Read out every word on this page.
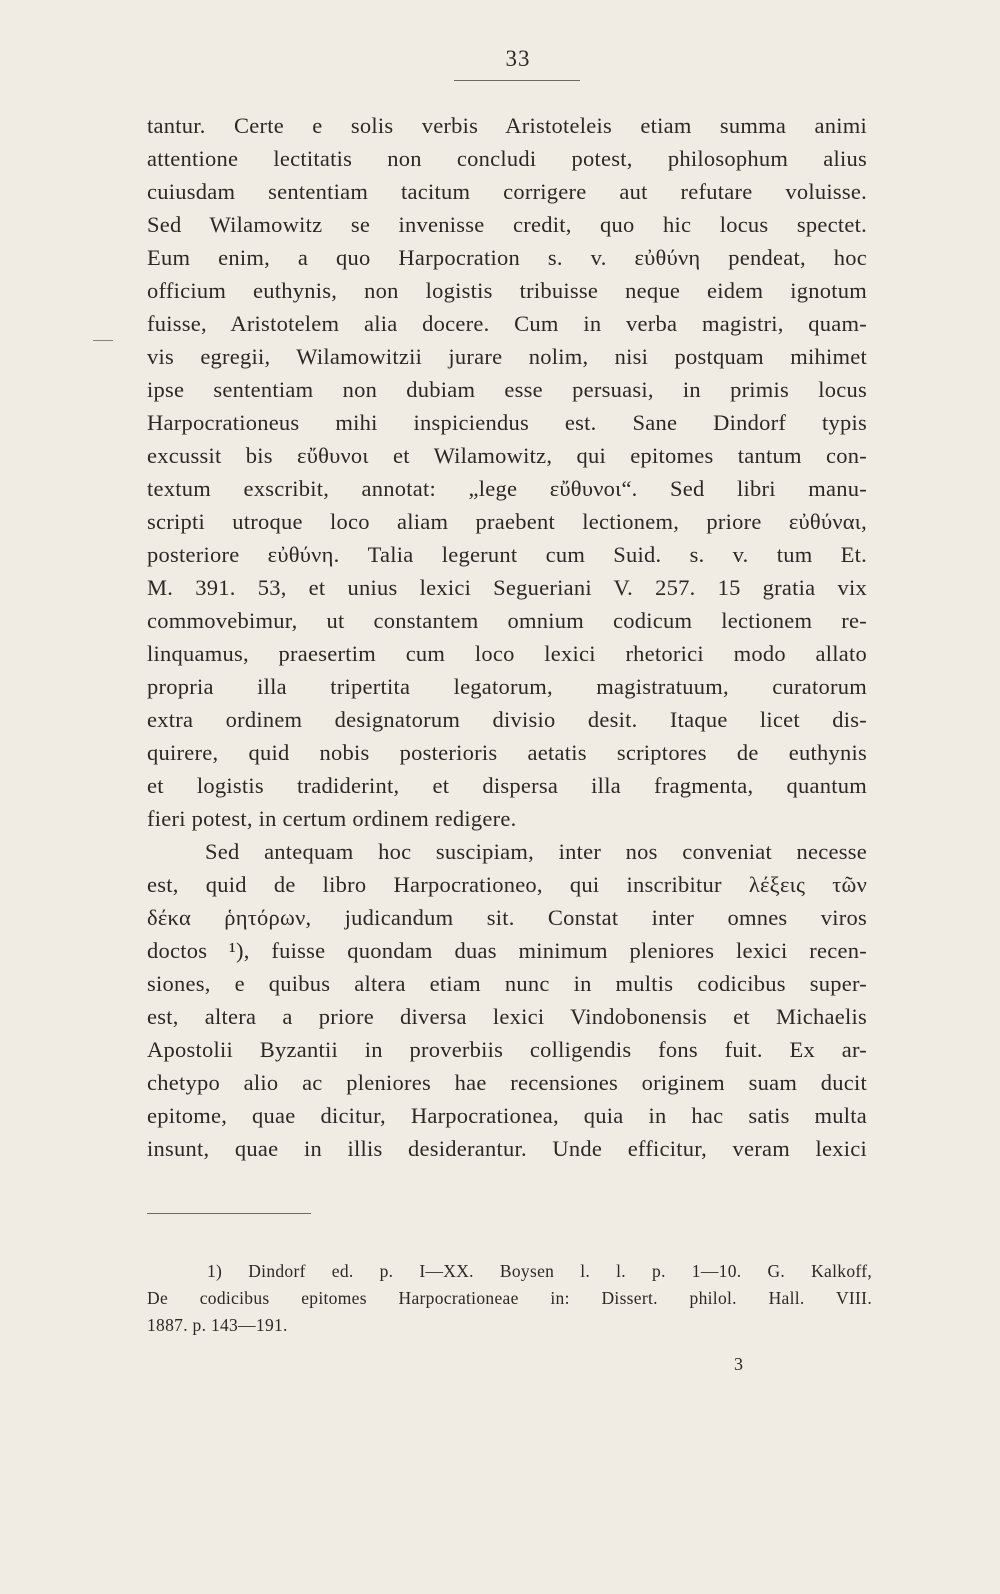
33
tantur. Certe e solis verbis Aristoteleis etiam summa animi
attentione lectitatis non concludi potest, philosophum alius
cuiusdam sententiam tacitum corrigere aut refutare voluisse.
Sed Wilamowitz se invenisse credit, quo hic locus spectet.
Eum enim, a quo Harpocration s. v. εὐθύνη pendeat, hoc
officium euthynis, non logistis tribuisse neque eidem ignotum
fuisse, Aristotelem alia docere. Cum in verba magistri, quam-
vis egregii, Wilamowitzii jurare nolim, nisi postquam mihimet
ipse sententiam non dubiam esse persuasi, in primis locus
Harpocrationeus mihi inspiciendus est. Sane Dindorf typis
excussit bis εὔθυνοι et Wilamowitz, qui epitomes tantum con-
textum exscribit, annotat: „lege εὔθυνοι“. Sed libri manu-
scripti utroque loco aliam praebent lectionem, priore εὐθύναι,
posteriore εὐθύνη. Talia legerunt cum Suid. s. v. tum Et.
M. 391. 53, et unius lexici Segueriani V. 257. 15 gratia vix
commovebimur, ut constantem omnium codicum lectionem re-
linquamus, praesertim cum loco lexici rhetorici modo allato
propria illa tripertita legatorum, magistratuum, curatorum
extra ordinem designatorum divisio desit. Itaque licet dis-
quirere, quid nobis posterioris aetatis scriptores de euthynis
et logistis tradiderint, et dispersa illa fragmenta, quantum
fieri potest, in certum ordinem redigere.
Sed antequam hoc suscipiam, inter nos conveniat necesse
est, quid de libro Harpocrationeo, qui inscribitur λέξεις τῶν
δέκα ῥητόρων, judicandum sit. Constat inter omnes viros
doctos ¹), fuisse quondam duas minimum pleniores lexici recen-
siones, e quibus altera etiam nunc in multis codicibus super-
est, altera a priore diversa lexici Vindobonensis et Michaelis
Apostolii Byzantii in proverbiis colligendis fons fuit. Ex ar-
chetypo alio ac pleniores hae recensiones originem suam ducit
epitome, quae dicitur, Harpocrationea, quia in hac satis multa
insunt, quae in illis desiderantur. Unde efficitur, veram lexici
1) Dindorf ed. p. I—XX. Boysen l. l. p. 1—10. G. Kalkoff,
De codicibus epitomes Harpocrationeae in: Dissert. philol. Hall. VIII.
1887. p. 143—191.
3
